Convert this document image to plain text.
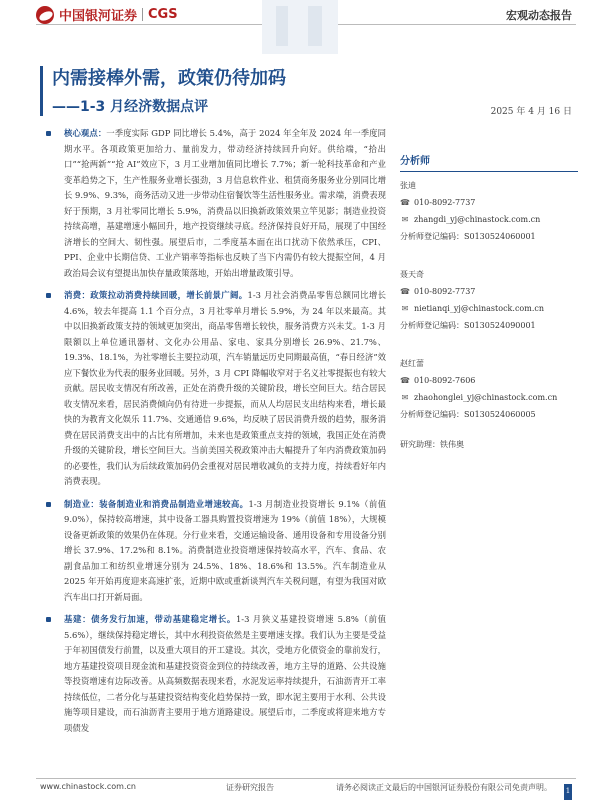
中国银河证券 CGS	宏观动态报告
内需接棒外需，政策仍待加码
——1-3 月经济数据点评	2025 年 4 月 16 日

核心观点：一季度实际 GDP 同比增长 5.4%，高于 2024 年全年及 2024 年一季度同期水平。各项政策更加给力、量前发力，带动经济持续回升向好。供给端，“拾出口”“抢两新”“抢 AI”效应下，3 月工业增加值同比增长 7.7%；新一轮科技革命和产业变革趋势之下，生产性服务业增长强劲，3 月信息软件业、租赁商务服务业分别同比增长 9.9%、9.3%，商务活动又进一步带动住宿餐饮等生活性服务业。需求端，消费表现好于预期，3 月社零同比增长 5.9%，消费品以旧换新政策效果立竿见影；制造业投资持续高增，基建增速小幅回升，地产投资继续寻底。经济保持良好开局，展现了中国经济增长的空间大、韧性强。展望后市，二季度基本面在出口扰动下依然承压，CPI、PPI、企业中长期信贷、工业产销率等指标也反映了当下内需仍有较大提振空间，4 月政治局会议有望提出加快存量政策落地，开始出增量政策引导。

消费：政策拉动消费持续回暖，增长前景广阔。1-3 月社会消费品零售总额同比增长 4.6%，较去年提高 1.1 个百分点，3 月社零单月增长 5.9%，为 24 年以来最高。其中以旧换新政策支持的领域更加突出，商品零售增长较快，服务消费方兴未艾。1-3 月限额以上单位通讯器材、文化办公用品、家电、家具分别增长 26.9%、21.7%、19.3%、18.1%，为社零增长主要拉动项，汽车销量远历史同期最高值，“春日经济”效应下餐饮业为代表的服务业回暖。另外，3 月 CPI 降幅收窄对于名义社零提振也有较大贡献。居民收支情况有所改善，正处在消费升级的关键阶段，增长空间巨大。结合居民收支情况来看，居民消费倾向仍有待进一步提振，而从人均居民支出结构来看，增长最快的为教育文化娱乐 11.7%、交通通信 9.6%，均反映了居民消费升级的趋势，服务消费在居民消费支出中的占比有所增加，未来也是政策重点支持的领域，我国正处在消费升级的关键阶段，增长空间巨大。当前美国关税政策冲击大幅提升了年内消费政策加码的必要性，我们认为后续政策加码仍会重视对居民增收减负的支持力度，持续看好年内消费表现。

制造业：装备制造业和消费品制造业增速较高。1-3 月制造业投资增长 9.1%（前值 9.0%），保持较高增速，其中设备工器具购置投资增速为 19%（前值 18%），大规模设备更新政策的效果仍在体现。分行业来看，交通运输设备、通用设备和专用设备分别增长 37.9%、17.2%和 8.1%。消费制造业投资增速保持较高水平，汽车、食品、农副食品加工和纺织业增速分别为 24.5%、18%、18.6%和 13.5%。汽车制造业从 2025 年开始再度迎来高速扩张，近期中欧或重新谈判汽车关税问题，有望为我国对欧汽车出口打开新局面。

基建：债务发行加速，带动基建稳定增长。1-3 月狭义基建投资增速 5.8%（前值 5.6%），继续保持稳定增长，其中水利投资依然是主要增速支撑。我们认为主要是受益于年初国债发行前置，以及重大项目的开工建设。其次，受地方化债资金的靠前发行，地方基建投资项目现金流和基建投资资金到位的持续改善，地方主导的道路、公共设施等投资增速有边际改善。从高频数据表现来看，水泥发运率持续提升，石油沥青开工率持续低位，二者分化与基建投资结构变化趋势保持一致，即水泥主要用于水利、公共设施等项目建设，而石油沥青主要用于地方道路建设。展望后市，二季度或将迎来地方专项债发

分析师
张迪
☎ 010-8092-7737
✉ zhangdi_yj@chinastock.com.cn
分析师登记编码：S0130524060001
聂天奇
☎ 010-8092-7737
✉ nietianqi_yj@chinastock.com.cn
分析师登记编码：S0130524090001
赵红蕾
☎ 010-8092-7606
✉ zhaohonglei_yj@chinastock.com.cn
分析师登记编码：S0130524060005
研究助理：铁伟奥
www.chinastock.com.cn	证券研究报告	请务必阅读正文最后的中国银河证券股份有限公司免责声明。 1
